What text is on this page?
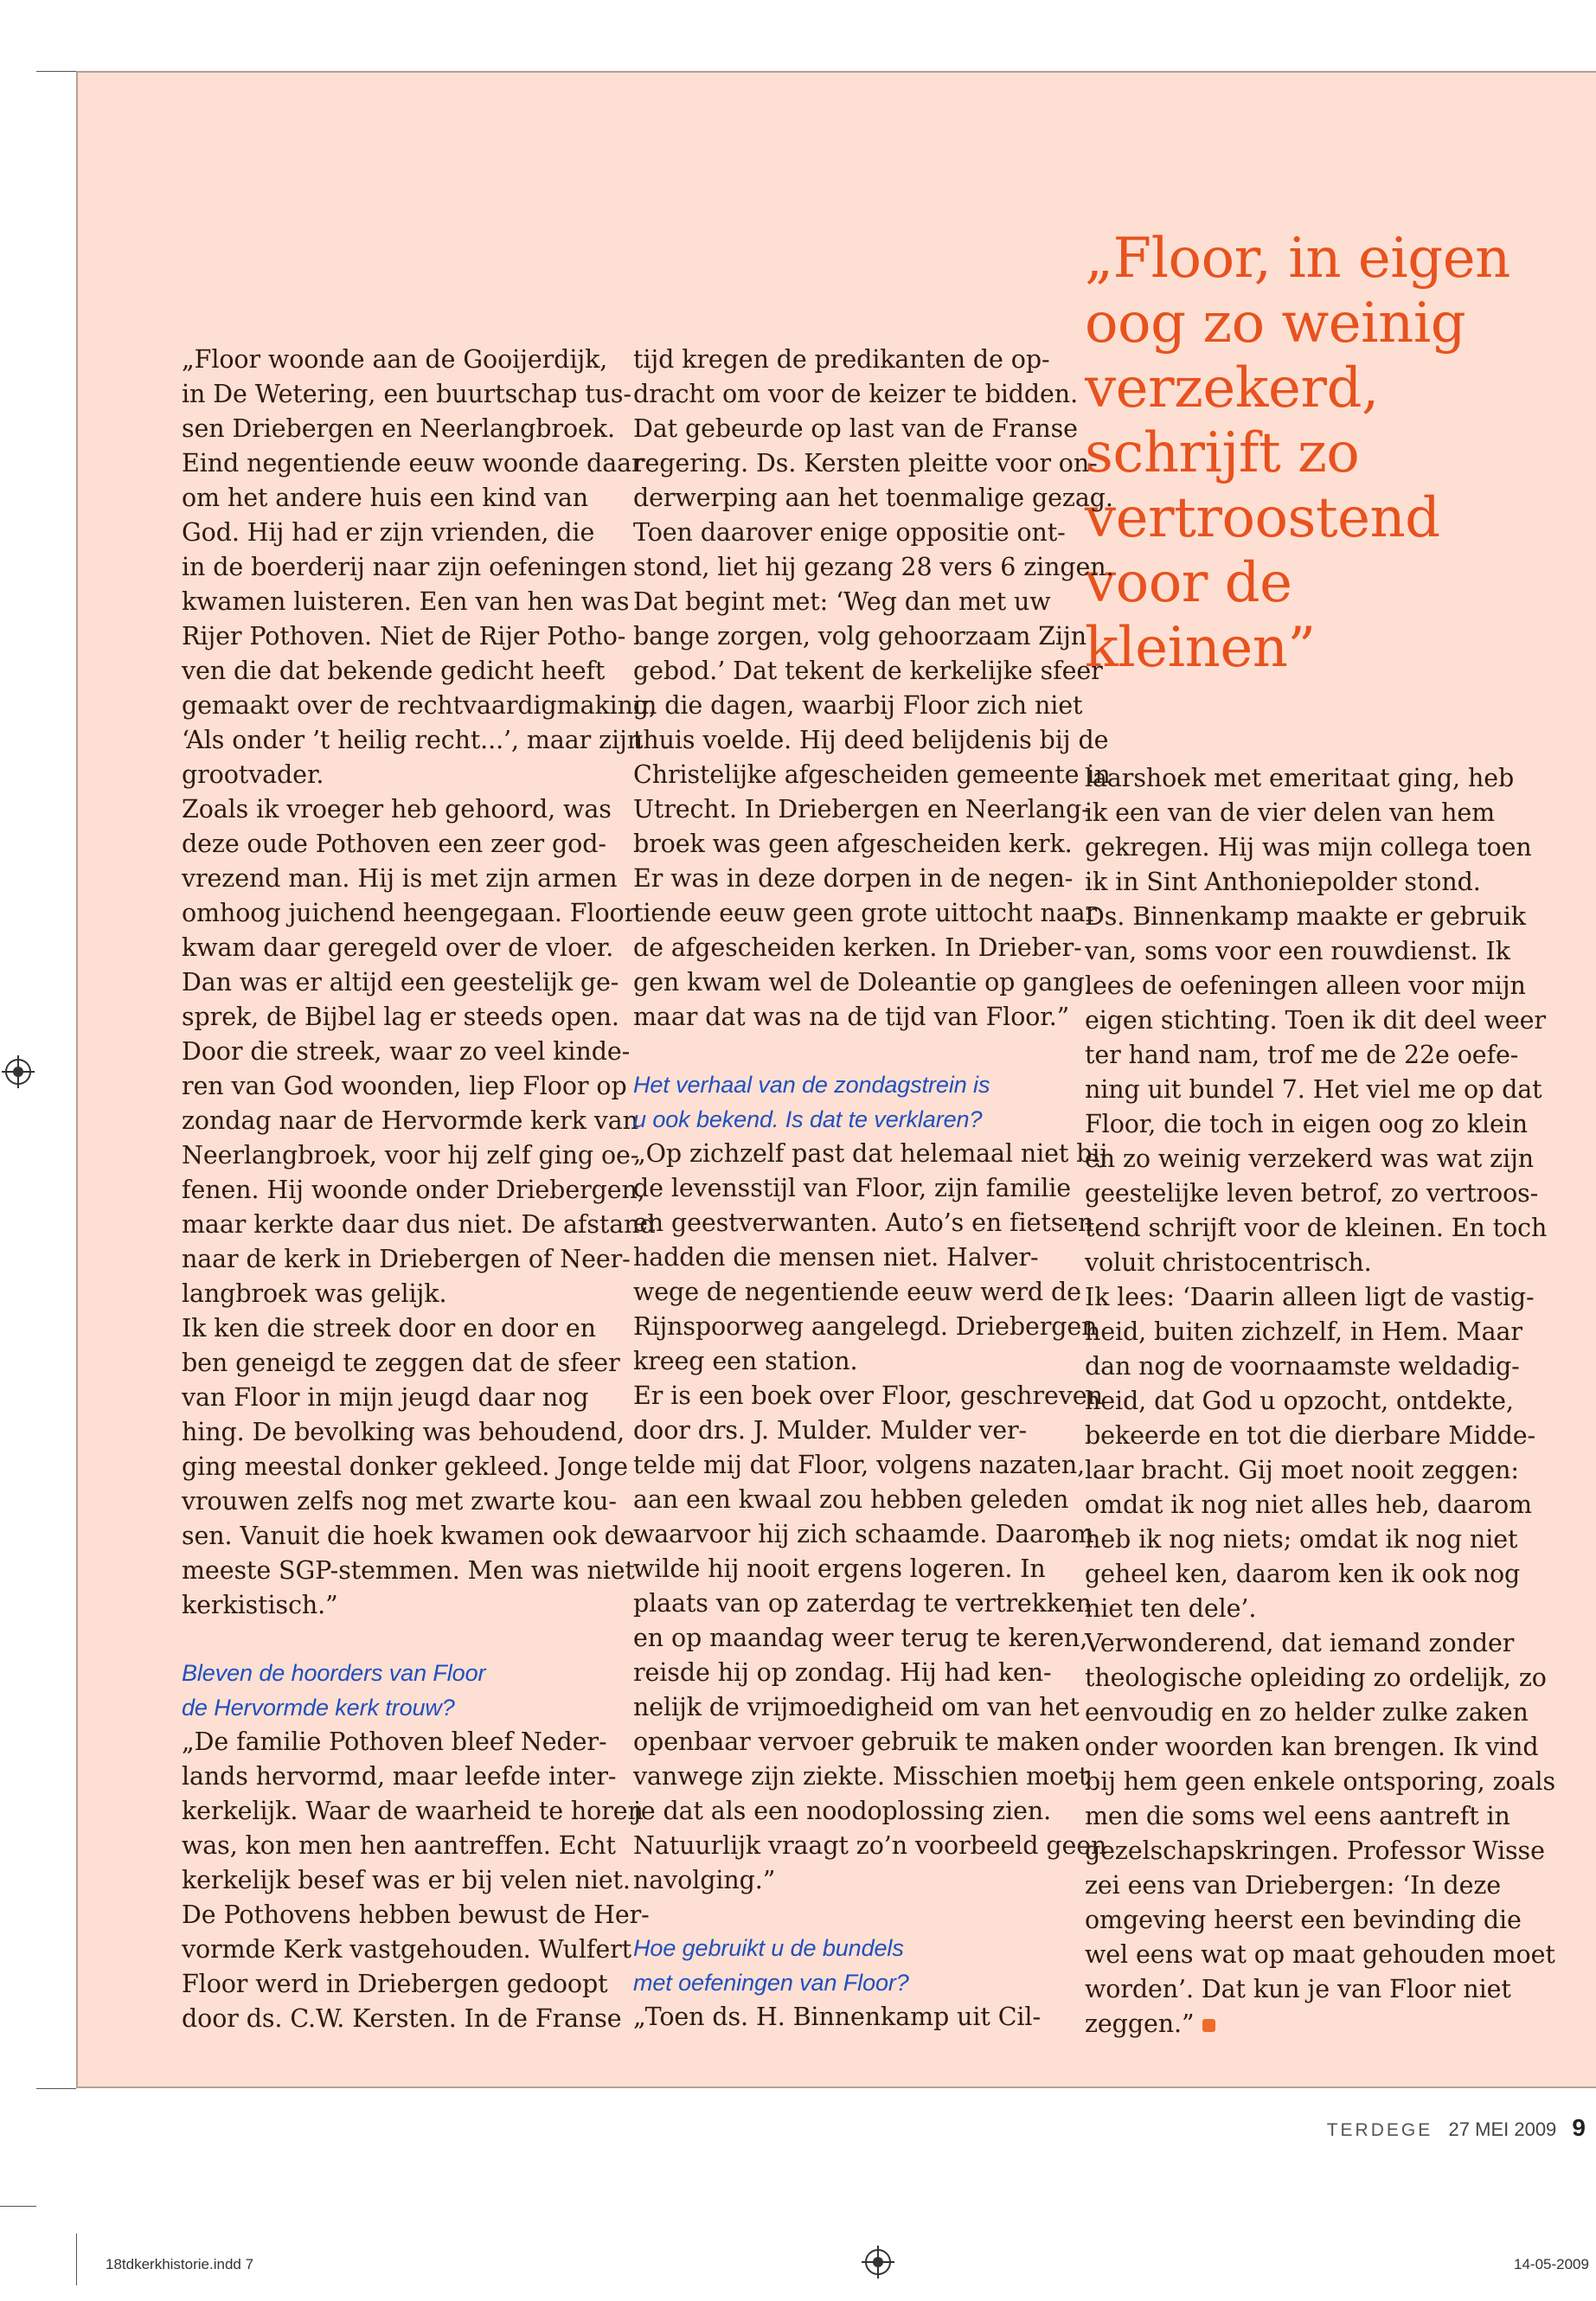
„Floor, in eigen

oog zo weinig

verzekerd,

schrijft zo

vertroostend

voor de

kleinen”

„Floor woonde aan de Gooijerdijk,

in De Wetering, een buurtschap tus-

sen Driebergen en Neerlangbroek.

Eind negentiende eeuw woonde daar

om het andere huis een kind van

God. Hij had er zijn vrienden, die

in de boerderij naar zijn oefeningen

kwamen luisteren. Een van hen was

Rijer Pothoven. Niet de Rijer Potho-

ven die dat bekende gedicht heeft

gemaakt over de rechtvaardigmaking,

‘Als onder ’t heilig recht...’, maar zijn

grootvader.

Zoals ik vroeger heb gehoord, was

deze oude Pothoven een zeer god-

vrezend man. Hij is met zijn armen

omhoog juichend heengegaan. Floor

kwam daar geregeld over de vloer.

Dan was er altijd een geestelijk ge-

sprek, de Bijbel lag er steeds open.

Door die streek, waar zo veel kinde-

ren van God woonden, liep Floor op

zondag naar de Hervormde kerk van

Neerlangbroek, voor hij zelf ging oe-

fenen. Hij woonde onder Driebergen,

maar kerkte daar dus niet. De afstand

naar de kerk in Driebergen of Neer-

langbroek was gelijk.

Ik ken die streek door en door en

ben geneigd te zeggen dat de sfeer

van Floor in mijn jeugd daar nog

hing. De bevolking was behoudend,

ging meestal donker gekleed. Jonge

vrouwen zelfs nog met zwarte kou-

sen. Vanuit die hoek kwamen ook de

meeste SGP-stemmen. Men was niet

kerkistisch.”

Bleven de hoorders van Floor

de Hervormde kerk trouw?

„De familie Pothoven bleef Neder-

lands hervormd, maar leefde inter-

kerkelijk. Waar de waarheid te horen

was, kon men hen aantreffen. Echt

kerkelijk besef was er bij velen niet.

De Pothovens hebben bewust de Her-

vormde Kerk vastgehouden. Wulfert

Floor werd in Driebergen gedoopt

door ds. C.W. Kersten. In de Franse

tijd kregen de predikanten de op-

dracht om voor de keizer te bidden.

Dat gebeurde op last van de Franse

regering. Ds. Kersten pleitte voor on-

derwerping aan het toenmalige gezag.

Toen daarover enige oppositie ont-

stond, liet hij gezang 28 vers 6 zingen.

Dat begint met: ‘Weg dan met uw

bange zorgen, volg gehoorzaam Zijn

gebod.’ Dat tekent de kerkelijke sfeer

in die dagen, waarbij Floor zich niet

thuis voelde. Hij deed belijdenis bij de

Christelijke afgescheiden gemeente in

Utrecht. In Driebergen en Neerlang-

broek was geen afgescheiden kerk.

Er was in deze dorpen in de negen-

tiende eeuw geen grote uittocht naar

de afgescheiden kerken. In Drieber-

gen kwam wel de Doleantie op gang,

maar dat was na de tijd van Floor.”

Het verhaal van de zondagstrein is

u ook bekend. Is dat te verklaren?

„Op zichzelf past dat helemaal niet bij

de levensstijl van Floor, zijn familie

en geestverwanten. Auto’s en fietsen

hadden die mensen niet. Halver-

wege de negentiende eeuw werd de

Rijnspoorweg aangelegd. Driebergen

kreeg een station.

Er is een boek over Floor, geschreven

door drs. J. Mulder. Mulder ver-

telde mij dat Floor, volgens nazaten,

aan een kwaal zou hebben geleden

waarvoor hij zich schaamde. Daarom

wilde hij nooit ergens logeren. In

plaats van op zaterdag te vertrekken

en op maandag weer terug te keren,

reisde hij op zondag. Hij had ken-

nelijk de vrijmoedigheid om van het

openbaar vervoer gebruik te maken

vanwege zijn ziekte. Misschien moet

je dat als een noodoplossing zien.

Natuurlijk vraagt zo’n voorbeeld geen

navolging.”

Hoe gebruikt u de bundels

met oefeningen van Floor?

„Toen ds. H. Binnenkamp uit Cil-

laarshoek met emeritaat ging, heb

ik een van de vier delen van hem

gekregen. Hij was mijn collega toen

ik in Sint Anthoniepolder stond.

Ds. Binnenkamp maakte er gebruik

van, soms voor een rouwdienst. Ik

lees de oefeningen alleen voor mijn

eigen stichting. Toen ik dit deel weer

ter hand nam, trof me de 22e oefe-

ning uit bundel 7. Het viel me op dat

Floor, die toch in eigen oog zo klein

en zo weinig verzekerd was wat zijn

geestelijke leven betrof, zo vertroos-

tend schrijft voor de kleinen. En toch

voluit christocentrisch.

Ik lees: ‘Daarin alleen ligt de vastig-

heid, buiten zichzelf, in Hem. Maar

dan nog de voornaamste weldadig-

heid, dat God u opzocht, ontdekte,

bekeerde en tot die dierbare Midde-

laar bracht. Gij moet nooit zeggen:

omdat ik nog niet alles heb, daarom

heb ik nog niets; omdat ik nog niet

geheel ken, daarom ken ik ook nog

niet ten dele’.

Verwonderend, dat iemand zonder

theologische opleiding zo ordelijk, zo

eenvoudig en zo helder zulke zaken

onder woorden kan brengen. Ik vind

bij hem geen enkele ontsporing, zoals

men die soms wel eens aantreft in

gezelschapskringen. Professor Wisse

zei eens van Driebergen: ‘In deze

omgeving heerst een bevinding die

wel eens wat op maat gehouden moet

worden’. Dat kun je van Floor niet

zeggen.”

TERDEGE 27 MEI 2009 9
18tdkerkhistorie.indd 7	14-05-2009
